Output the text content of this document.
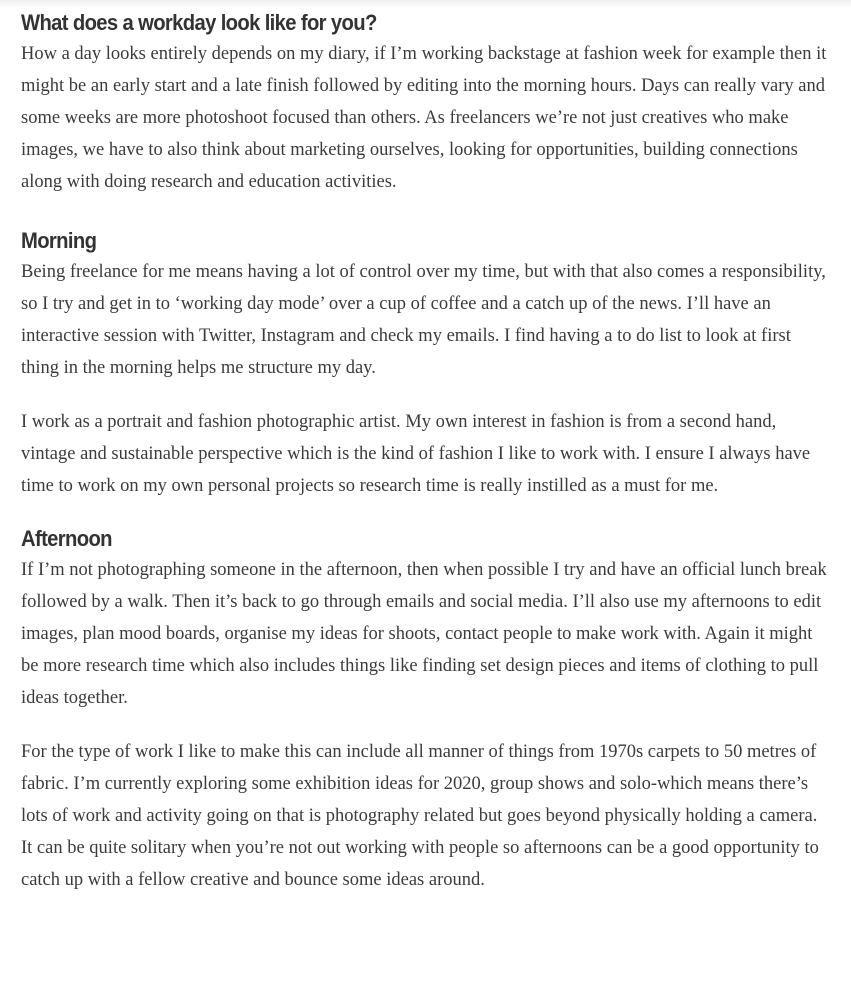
What does a workday look like for you?

How a day looks entirely depends on my diary, if I’m working backstage at fashion week for example then it might be an early start and a late finish followed by editing into the morning hours. Days can really vary and some weeks are more photoshoot focused than others. As freelancers we’re not just creatives who make images, we have to also think about marketing ourselves, looking for opportunities, building connections along with doing research and education activities.

Morning

Being freelance for me means having a lot of control over my time, but with that also comes a responsibility, so I try and get in to ‘working day mode’ over a cup of coffee and a catch up of the news. I’ll have an interactive session with Twitter, Instagram and check my emails. I find having a to do list to look at first thing in the morning helps me structure my day.

I work as a portrait and fashion photographic artist. My own interest in fashion is from a second hand, vintage and sustainable perspective which is the kind of fashion I like to work with. I ensure I always have time to work on my own personal projects so research time is really instilled as a must for me.

Afternoon

If I’m not photographing someone in the afternoon, then when possible I try and have an official lunch break followed by a walk. Then it’s back to go through emails and social media. I’ll also use my afternoons to edit images, plan mood boards, organise my ideas for shoots, contact people to make work with. Again it might be more research time which also includes things like finding set design pieces and items of clothing to pull ideas together.

For the type of work I like to make this can include all manner of things from 1970s carpets to 50 metres of fabric. I’m currently exploring some exhibition ideas for 2020, group shows and solo-which means there’s lots of work and activity going on that is photography related but goes beyond physically holding a camera. It can be quite solitary when you’re not out working with people so afternoons can be a good opportunity to catch up with a fellow creative and bounce some ideas around.
